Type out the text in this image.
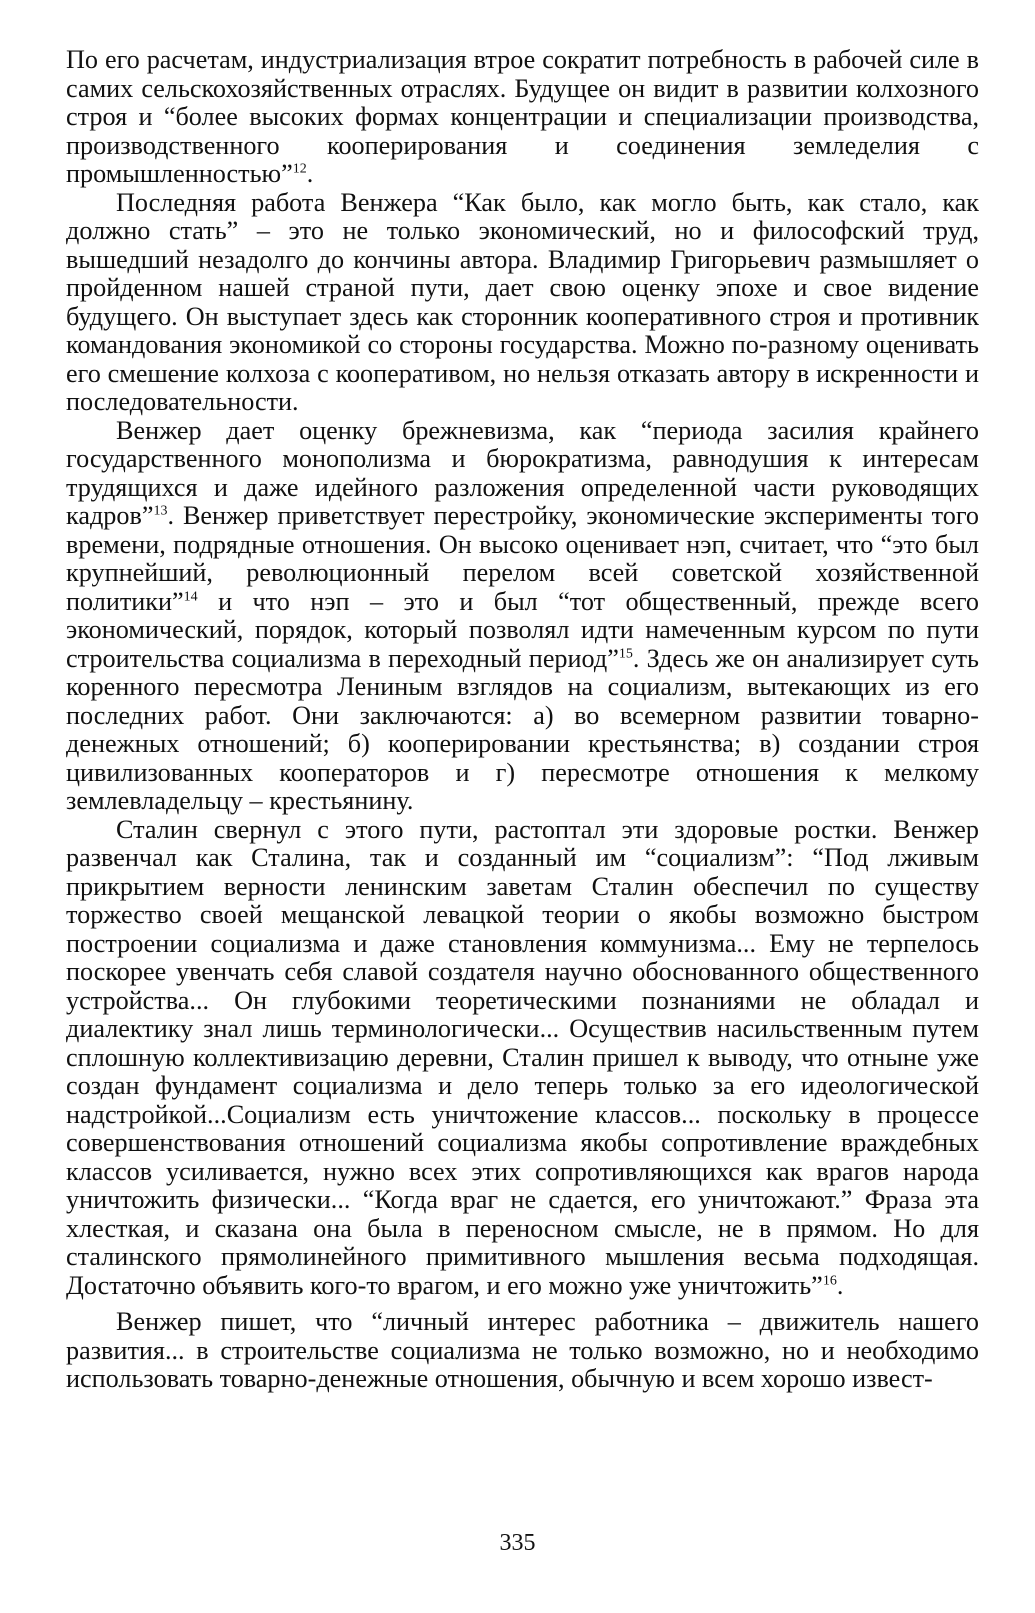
По его расчетам, индустриализация втрое сократит потребность в рабочей силе в самих сельскохозяйственных отраслях. Будущее он видит в развитии колхозного строя и “более высоких формах концентрации и специализации производства, производственного кооперирования и соединения земледелия с промышленностью”$^{12}$.

Последняя работа Венжера “Как было, как могло быть, как стало, как должно стать” – это не только экономический, но и философский труд, вышедший незадолго до кончины автора. Владимир Григорьевич размышляет о пройденном нашей страной пути, дает свою оценку эпохе и свое видение будущего. Он выступает здесь как сторонник кооперативного строя и противник командования экономикой со стороны государства. Можно по-разному оценивать его смешение колхоза с кооперативом, но нельзя отказать автору в искренности и последовательности.

Венжер дает оценку брежневизма, как “периода засилия крайнего государственного монополизма и бюрократизма, равнодушия к интересам трудящихся и даже идейного разложения определенной части руководящих кадров”$^{13}$. Венжер приветствует перестройку, экономические эксперименты того времени, подрядные отношения. Он высоко оценивает нэп, считает, что “это был крупнейший, революционный перелом всей советской хозяйственной политики”$^{14}$ и что нэп – это и был “тот общественный, прежде всего экономический, порядок, который позволял идти намеченным курсом по пути строительства социализма в переходный период”$^{15}$. Здесь же он анализирует суть коренного пересмотра Лениным взглядов на социализм, вытекающих из его последних работ. Они заключаются: а) во всемерном развитии товарно-денежных отношений; б) кооперировании крестьянства; в) создании строя цивилизованных кооператоров и г) пересмотре отношения к мелкому землевладельцу – крестьянину.

Сталин свернул с этого пути, растоптал эти здоровые ростки. Венжер развенчал как Сталина, так и созданный им “социализм”: “Под лживым прикрытием верности ленинским заветам Сталин обеспечил по существу торжество своей мещанской левацкой теории о якобы возможно быстром построении социализма и даже становления коммунизма... Ему не терпелось поскорее увенчать себя славой создателя научно обоснованного общественного устройства... Он глубокими теоретическими познаниями не обладал и диалектику знал лишь терминологически... Осуществив насильственным путем сплошную коллективизацию деревни, Сталин пришел к выводу, что отныне уже создан фундамент социализма и дело теперь только за его идеологической надстройкой...Социализм есть уничтожение классов... поскольку в процессе совершенствования отношений социализма якобы сопротивление враждебных классов усиливается, нужно всех этих сопротивляющихся как врагов народа уничтожить физически... “Когда враг не сдается, его уничтожают.” Фраза эта хлесткая, и сказана она была в переносном смысле, не в прямом. Но для сталинского прямолинейного примитивного мышления весьма подходящая. Достаточно объявить кого-то врагом, и его можно уже уничтожить”$^{16}$.

Венжер пишет, что “личный интерес работника – движитель нашего развития... в строительстве социализма не только возможно, но и необходимо использовать товарно-денежные отношения, обычную и всем хорошо извест-

335
